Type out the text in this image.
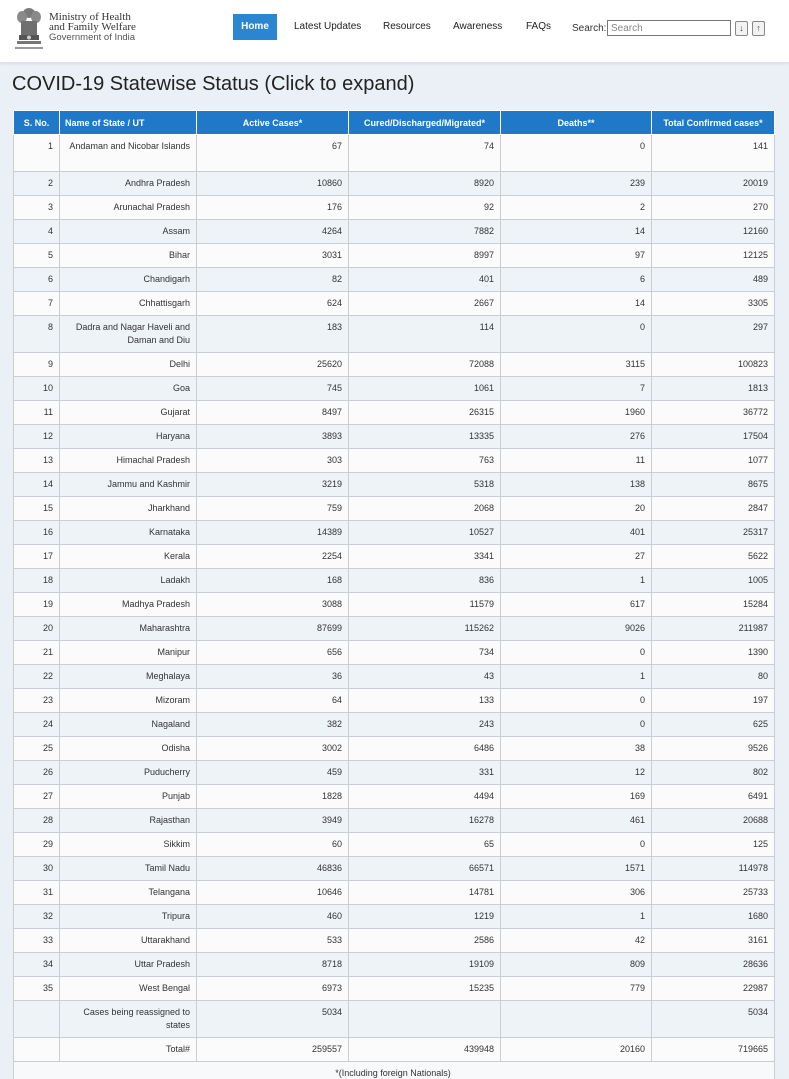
Ministry of Health
and Family Welfare
Government of India
Home	Latest Updates Resources Awareness FAQs Search:
Search	↓	↑
COVID-19 Statewise Status (Click to expand)
S. No.	Name of State / UT	Active Cases*	Cured/Discharged/Migrated*	Deaths**	Total Confirmed cases*
1	Andaman and Nicobar Islands	67	74	0	141
2	Andhra Pradesh	10860	8920	239	20019
3	Arunachal Pradesh	176	92	2	270
4	Assam	4264	7882	14	12160
5	Bihar	3031	8997	97	12125
6	Chandigarh	82	401	6	489
7	Chhattisgarh	624	2667	14	3305
8	Dadra and Nagar Haveli and Daman and Diu	183	114	0	297
9	Delhi	25620	72088	3115	100823
10	Goa	745	1061	7	1813
11	Gujarat	8497	26315	1960	36772
12	Haryana	3893	13335	276	17504
13	Himachal Pradesh	303	763	11	1077
14	Jammu and Kashmir	3219	5318	138	8675
15	Jharkhand	759	2068	20	2847
16	Karnataka	14389	10527	401	25317
17	Kerala	2254	3341	27	5622
18	Ladakh	168	836	1	1005
19	Madhya Pradesh	3088	11579	617	15284
20	Maharashtra	87699	115262	9026	211987
21	Manipur	656	734	0	1390
22	Meghalaya	36	43	1	80
23	Mizoram	64	133	0	197
24	Nagaland	382	243	0	625
25	Odisha	3002	6486	38	9526
26	Puducherry	459	331	12	802
27	Punjab	1828	4494	169	6491
28	Rajasthan	3949	16278	461	20688
29	Sikkim	60	65	0	125
30	Tamil Nadu	46836	66571	1571	114978
31	Telangana	10646	14781	306	25733
32	Tripura	460	1219	1	1680
33	Uttarakhand	533	2586	42	3161
34	Uttar Pradesh	8718	19109	809	28636
35	West Bengal	6973	15235	779	22987
	Cases being reassigned to states	5034			5034
	Total#	259557	439948	20160	719665
*(Including foreign Nationals)					
